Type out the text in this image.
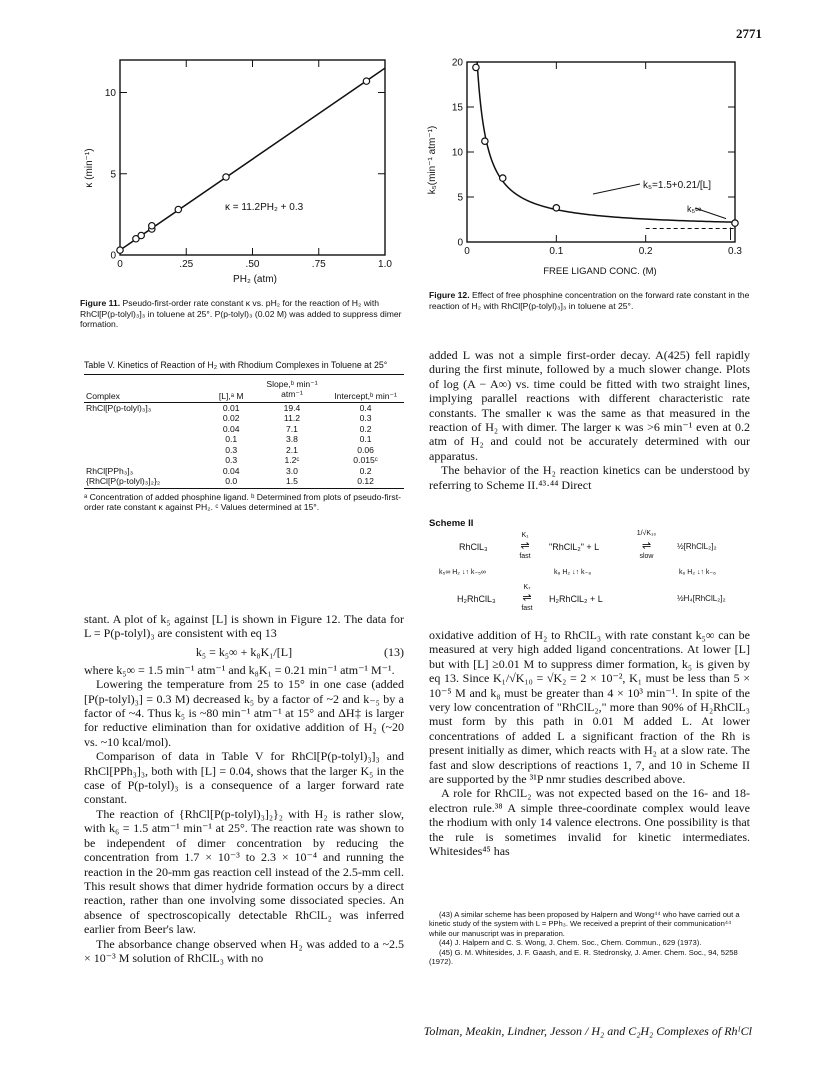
2771
0	.25	.50	.75	1.0
0
5
10
κ (min⁻¹)
PH₂ (atm)
κ = 11.2PH₂ + 0.3
Figure 11. Pseudo-first-order rate constant κ vs. pH₂ for the reaction of H₂ with RhCl[P(p-tolyl)₃]₃ in toluene at 25°. P(p-tolyl)₃ (0.02 M) was added to suppress dimer formation.
0	0.1	0.2	0.3
0
5
10
15
20
k₅(min⁻¹ atm⁻¹)
FREE LIGAND CONC. (M)
k₅=1.5+0.21/[L]
k₅∞
Figure 12. Effect of free phosphine concentration on the forward rate constant in the reaction of H₂ with RhCl[P(p-tolyl)₃]₃ in toluene at 25°.
Table V. Kinetics of Reaction of H₂ with Rhodium Complexes in Toluene at 25°
Complex	[L],ᵃ M	Slope,ᵇ min⁻¹ atm⁻¹	Intercept,ᵇ min⁻¹
RhCl[P(p-tolyl)₃]₃	0.01	19.4	0.4
	0.02	11.2	0.3
	0.04	7.1	0.2
	0.1	3.8	0.1
	0.3	2.1	0.06
	0.3	1.2ᶜ	0.015ᶜ
RhCl[PPh₃]₃	0.04	3.0	0.2
{RhCl[P(p-tolyl)₃]₂}₂	0.0	1.5	0.12
ᵃ Concentration of added phosphine ligand. ᵇ Determined from plots of pseudo-first-order rate constant κ against PH₂. ᶜ Values determined at 15°.

stant. A plot of k₅ against [L] is shown in Figure 12. The data for L = P(p-tolyl)₃ are consistent with eq 13

k₅ = k₅∞ + k₈K₁/[L]	(13)

where k₅∞ = 1.5 min⁻¹ atm⁻¹ and k₈K₁ = 0.21 min⁻¹ atm⁻¹ M⁻¹.

Lowering the temperature from 25 to 15° in one case (added [P(p-tolyl)₃] = 0.3 M) decreased k₅ by a factor of ~2 and k₋₅ by a factor of ~4. Thus k₅ is ~80 min⁻¹ atm⁻¹ at 15° and ΔH‡ is larger for reductive elimination than for oxidative addition of H₂ (~20 vs. ~10 kcal/mol).

Comparison of data in Table V for RhCl[P(p-tolyl)₃]₃ and RhCl[PPh₃]₃, both with [L] = 0.04, shows that the larger K₅ in the case of P(p-tolyl)₃ is a consequence of a larger forward rate constant.

The reaction of {RhCl[P(p-tolyl)₃]₂}₂ with H₂ is rather slow, with k₆ = 1.5 atm⁻¹ min⁻¹ at 25°. The reaction rate was shown to be independent of dimer concentration by reducing the concentration from 1.7 × 10⁻³ to 2.3 × 10⁻⁴ and running the reaction in the 20-mm gas reaction cell instead of the 2.5-mm cell. This result shows that dimer hydride formation occurs by a direct reaction, rather than one involving some dissociated species. An absence of spectroscopically detectable RhClL₂ was inferred earlier from Beer's law.

The absorbance change observed when H₂ was added to a ~2.5 × 10⁻³ M solution of RhClL₃ with no

added L was not a simple first-order decay. A(425) fell rapidly during the first minute, followed by a much slower change. Plots of log (A − A∞) vs. time could be fitted with two straight lines, implying parallel reactions with different characteristic rate constants. The smaller κ was the same as that measured in the reaction of H₂ with dimer. The larger κ was >6 min⁻¹ even at 0.2 atm of H₂ and could not be accurately determined with our apparatus.

The behavior of the H₂ reaction kinetics can be understood by referring to Scheme II.⁴³·⁴⁴ Direct

Scheme II
RhClL₃
K₁
⇌
fast
"RhClL₂" + L
1/√K₁₀
⇌
slow
½[RhClL₂]₂
k₅∞ H₂ ↓↑ k₋₅∞	k₈ H₂ ↓↑ k₋₈	k₆ H₂ ↓↑ k₋₆
H₂RhClL₃
K₇
⇌
fast
H₂RhClL₂ + L	½H₄[RhClL₂]₂

oxidative addition of H₂ to RhClL₃ with rate constant k₅∞ can be measured at very high added ligand concentrations. At lower [L] but with [L] ≥0.01 M to suppress dimer formation, k₅ is given by eq 13. Since K₁/√K₁₀ = √K₂ = 2 × 10⁻², K₁ must be less than 5 × 10⁻⁵ M and k₈ must be greater than 4 × 10³ min⁻¹. In spite of the very low concentration of "RhClL₂," more than 90% of H₂RhClL₃ must form by this path in 0.01 M added L. At lower concentrations of added L a significant fraction of the Rh is present initially as dimer, which reacts with H₂ at a slow rate. The fast and slow descriptions of reactions 1, 7, and 10 in Scheme II are supported by the ³¹P nmr studies described above.

A role for RhClL₂ was not expected based on the 16- and 18-electron rule.³⁸ A simple three-coordinate complex would leave the rhodium with only 14 valence electrons. One possibility is that the rule is sometimes invalid for kinetic intermediates. Whitesides⁴⁵ has

(43) A similar scheme has been proposed by Halpern and Wong⁴⁴ who have carried out a kinetic study of the system with L = PPh₃. We received a preprint of their communication⁴⁴ while our manuscript was in preparation.
(44) J. Halpern and C. S. Wong, J. Chem. Soc., Chem. Commun., 629 (1973).
(45) G. M. Whitesides, J. F. Gaash, and E. R. Stedronsky, J. Amer. Chem. Soc., 94, 5258 (1972).
Tolman, Meakin, Lindner, Jesson / H₂ and C₂H₂ Complexes of RhᴵCl
